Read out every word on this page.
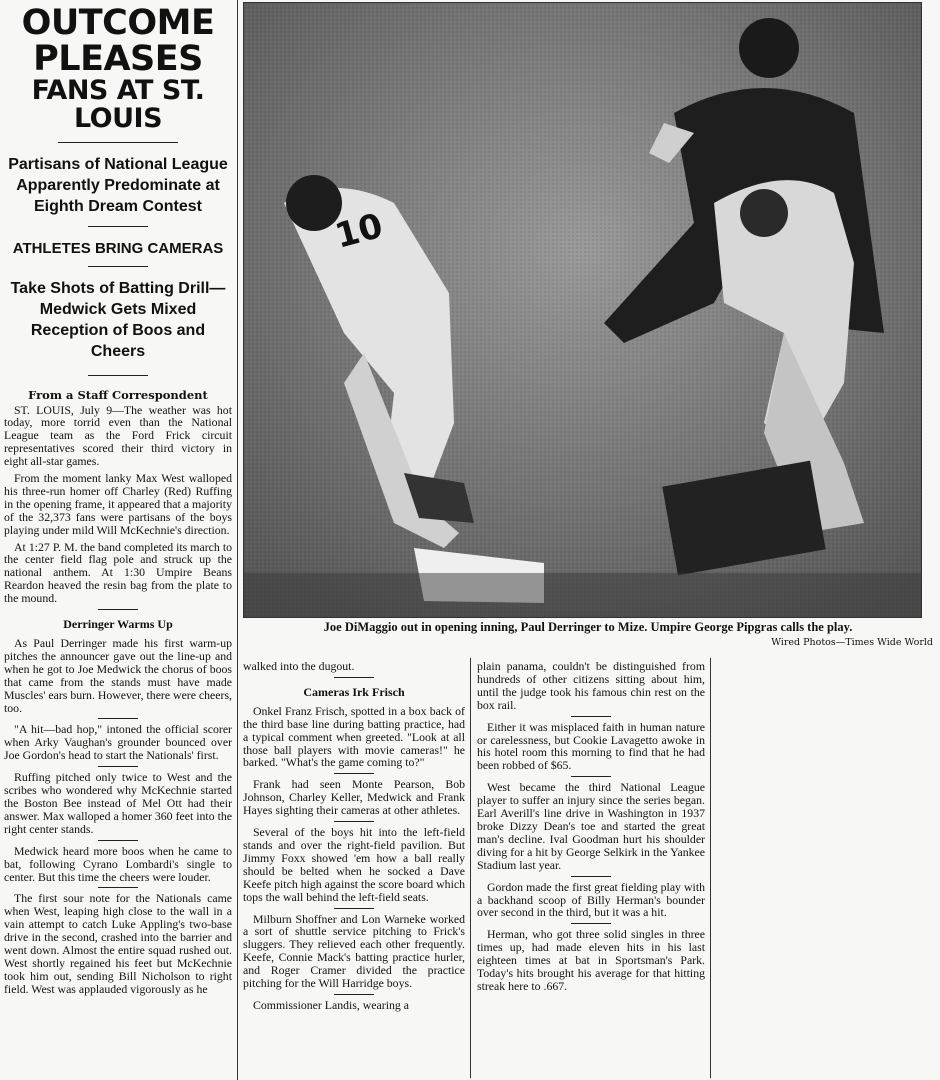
OUTCOME PLEASES
FANS AT ST. LOUIS
Partisans of National League Apparently Predominate at Eighth Dream Contest
ATHLETES BRING CAMERAS
Take Shots of Batting Drill— Medwick Gets Mixed Reception of Boos and Cheers
From a Staff Correspondent

ST. LOUIS, July 9—The weather was hot today, more torrid even than the National League team as the Ford Frick circuit representatives scored their third victory in eight all-star games.

From the moment lanky Max West walloped his three-run homer off Charley (Red) Ruffing in the opening frame, it appeared that a majority of the 32,373 fans were partisans of the boys playing under mild Will McKechnie's direction.

At 1:27 P. M. the band completed its march to the center field flag pole and struck up the national anthem. At 1:30 Umpire Beans Reardon heaved the resin bag from the plate to the mound.

Derringer Warms Up

As Paul Derringer made his first warm-up pitches the announcer gave out the line-up and when he got to Joe Medwick the chorus of boos that came from the stands must have made Muscles' ears burn. However, there were cheers, too.

"A hit—bad hop," intoned the official scorer when Arky Vaughan's grounder bounced over Joe Gordon's head to start the Nationals' first.

Ruffing pitched only twice to West and the scribes who wondered why McKechnie started the Boston Bee instead of Mel Ott had their answer. Max walloped a homer 360 feet into the right center stands.

Medwick heard more boos when he came to bat, following Cyrano Lombardi's single to center. But this time the cheers were louder.

The first sour note for the Nationals came when West, leaping high close to the wall in a vain attempt to catch Luke Appling's two-base drive in the second, crashed into the barrier and went down. Almost the entire squad rushed out. West shortly regained his feet but McKechnie took him out, sending Bill Nicholson to right field. West was applauded vigorously as he

10
Joe DiMaggio out in opening inning, Paul Derringer to Mize. Umpire George Pipgras calls the play.
Wired Photos—Times Wide World

walked into the dugout.

Cameras Irk Frisch

Onkel Franz Frisch, spotted in a box back of the third base line during batting practice, had a typical comment when greeted. "Look at all those ball players with movie cameras!" he barked. "What's the game coming to?"

Frank had seen Monte Pearson, Bob Johnson, Charley Keller, Medwick and Frank Hayes sighting their cameras at other athletes.

Several of the boys hit into the left-field stands and over the right-field pavilion. But Jimmy Foxx showed 'em how a ball really should be belted when he socked a Dave Keefe pitch high against the score board which tops the wall behind the left-field seats.

Milburn Shoffner and Lon Warneke worked a sort of shuttle service pitching to Frick's sluggers. They relieved each other frequently. Keefe, Connie Mack's batting practice hurler, and Roger Cramer divided the practice pitching for the Will Harridge boys.

Commissioner Landis, wearing a

plain panama, couldn't be distinguished from hundreds of other citizens sitting about him, until the judge took his famous chin rest on the box rail.

Either it was misplaced faith in human nature or carelessness, but Cookie Lavagetto awoke in his hotel room this morning to find that he had been robbed of $65.

West became the third National League player to suffer an injury since the series began. Earl Averill's line drive in Washington in 1937 broke Dizzy Dean's toe and started the great man's decline. Ival Goodman hurt his shoulder diving for a hit by George Selkirk in the Yankee Stadium last year.

Gordon made the first great fielding play with a backhand scoop of Billy Herman's bounder over second in the third, but it was a hit.

Herman, who got three solid singles in three times up, had made eleven hits in his last eighteen times at bat in Sportsman's Park. Today's hits brought his average for that hitting streak here to .667.
